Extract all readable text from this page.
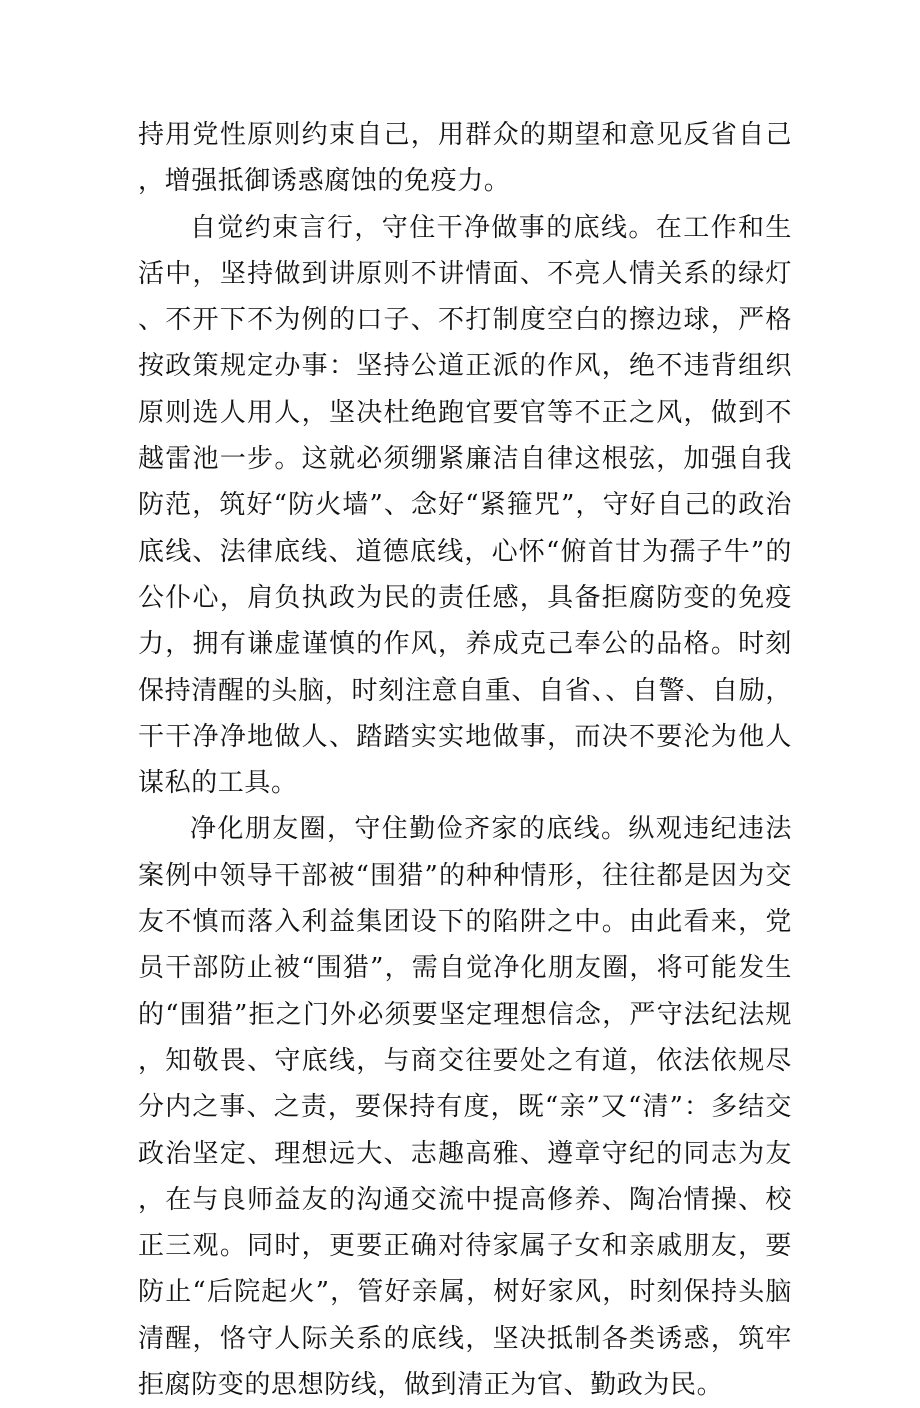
持用党性原则约束自己，用群众的期望和意见反省自己，增强抵御诱惑腐蚀的免疫力。

自觉约束言行，守住干净做事的底线。在工作和生活中，坚持做到讲原则不讲情面、不亮人情关系的绿灯、不开下不为例的口子、不打制度空白的擦边球，严格按政策规定办事：坚持公道正派的作风，绝不违背组织原则选人用人，坚决杜绝跑官要官等不正之风，做到不越雷池一步。这就必须绷紧廉洁自律这根弦，加强自我防范，筑好“防火墙”、念好“紧箍咒”，守好自己的政治底线、法律底线、道德底线，心怀“俯首甘为孺子牛”的公仆心，肩负执政为民的责任感，具备拒腐防变的免疫力，拥有谦虚谨慎的作风，养成克己奉公的品格。时刻保持清醒的头脑，时刻注意自重、自省、、自警、自励，干干净净地做人、踏踏实实地做事，而决不要沦为他人谋私的工具。

净化朋友圈，守住勤俭齐家的底线。纵观违纪违法案例中领导干部被“围猎”的种种情形，往往都是因为交友不慎而落入利益集团设下的陷阱之中。由此看来，党员干部防止被“围猎”，需自觉净化朋友圈，将可能发生的“围猎”拒之门外必须要坚定理想信念，严守法纪法规，知敬畏、守底线，与商交往要处之有道，依法依规尽分内之事、之责，要保持有度，既“亲”又“清”：多结交政治坚定、理想远大、志趣高雅、遵章守纪的同志为友，在与良师益友的沟通交流中提高修养、陶冶情操、校正三观。同时，更要正确对待家属子女和亲戚朋友，要防止“后院起火”，管好亲属，树好家风，时刻保持头脑清醒，恪守人际关系的底线，坚决抵制各类诱惑，筑牢拒腐防变的思想防线，做到清正为官、勤政为民。
